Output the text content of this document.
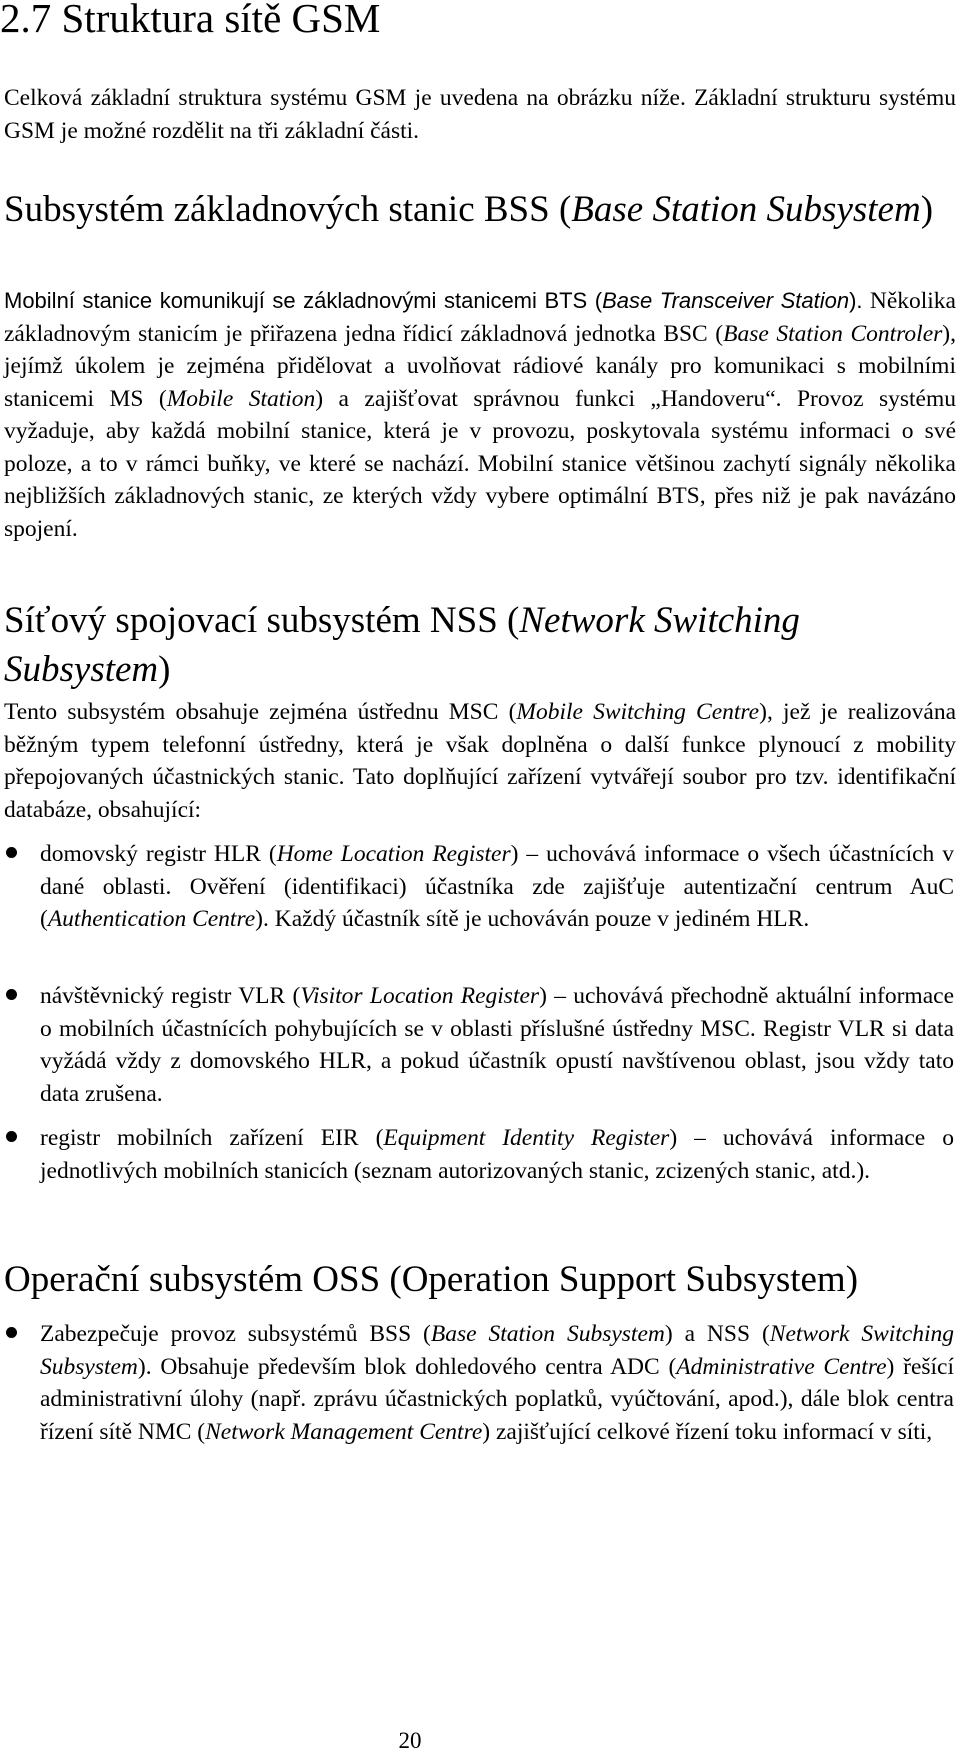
2.7 Struktura sítě GSM

Celková základní struktura systému GSM je uvedena na obrázku níže. Základní strukturu systému GSM je možné rozdělit na tři základní části.

Subsystém základnových stanic BSS (Base Station Subsystem)

Mobilní stanice komunikují se základnovými stanicemi BTS (Base Transceiver Station). Několika základnovým stanicím je přiřazena jedna řídicí základnová jednotka BSC (Base Station Controler), jejímž úkolem je zejména přidělovat a uvolňovat rádiové kanály pro komunikaci s mobilními stanicemi MS (Mobile Station) a zajišťovat správnou funkci „Handoveru“. Provoz systému vyžaduje, aby každá mobilní stanice, která je v provozu, poskytovala systému informaci o své poloze, a to v rámci buňky, ve které se nachází. Mobilní stanice většinou zachytí signály několika nejbližších základnových stanic, ze kterých vždy vybere optimální BTS, přes niž je pak navázáno spojení.

Síťový spojovací subsystém NSS (Network Switching Subsystem)

Tento subsystém obsahuje zejména ústřednu MSC (Mobile Switching Centre), jež je realizována běžným typem telefonní ústředny, která je však doplněna o další funkce plynoucí z mobility přepojovaných účastnických stanic. Tato doplňující zařízení vytvářejí soubor pro tzv. identifikační databáze, obsahující:

domovský registr HLR (Home Location Register) – uchovává informace o všech účastnících v dané oblasti. Ověření (identifikaci) účastníka zde zajišťuje autentizační centrum AuC (Authentication Centre). Každý účastník sítě je uchováván pouze v jediném HLR.

návštěvnický registr VLR (Visitor Location Register) – uchovává přechodně aktuální informace o mobilních účastnících pohybujících se v oblasti příslušné ústředny MSC. Registr VLR si data vyžádá vždy z domovského HLR, a pokud účastník opustí navštívenou oblast, jsou vždy tato data zrušena.

registr mobilních zařízení EIR (Equipment Identity Register) – uchovává informace o jednotlivých mobilních stanicích (seznam autorizovaných stanic, zcizených stanic, atd.).

Operační subsystém OSS (Operation Support Subsystem)

Zabezpečuje provoz subsystémů BSS (Base Station Subsystem) a NSS (Network Switching Subsystem). Obsahuje především blok dohledového centra ADC (Administrative Centre) řešící administrativní úlohy (např. zprávu účastnických poplatků, vyúčtování, apod.), dále blok centra řízení sítě NMC (Network Management Centre) zajišťující celkové řízení toku informací v síti,

20
